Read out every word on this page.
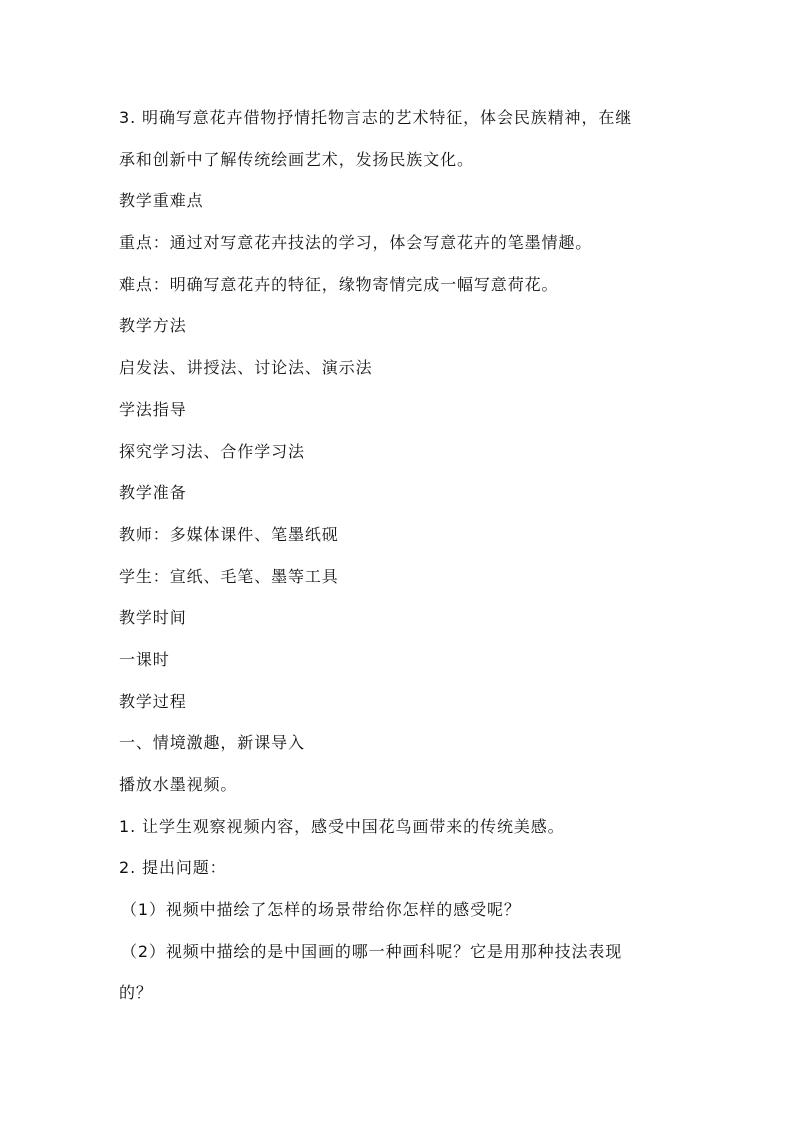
3. 明确写意花卉借物抒情托物言志的艺术特征，体会民族精神，在继
承和创新中了解传统绘画艺术，发扬民族文化。
教学重难点
重点：通过对写意花卉技法的学习，体会写意花卉的笔墨情趣。
难点：明确写意花卉的特征，缘物寄情完成一幅写意荷花。
教学方法
启发法、讲授法、讨论法、演示法
学法指导
探究学习法、合作学习法
教学准备
教师：多媒体课件、笔墨纸砚
学生：宣纸、毛笔、墨等工具
教学时间
一课时
教学过程
一、情境激趣，新课导入
播放水墨视频。
1. 让学生观察视频内容，感受中国花鸟画带来的传统美感。
2. 提出问题：
（1）视频中描绘了怎样的场景带给你怎样的感受呢？
（2）视频中描绘的是中国画的哪一种画科呢？它是用那种技法表现
的？
